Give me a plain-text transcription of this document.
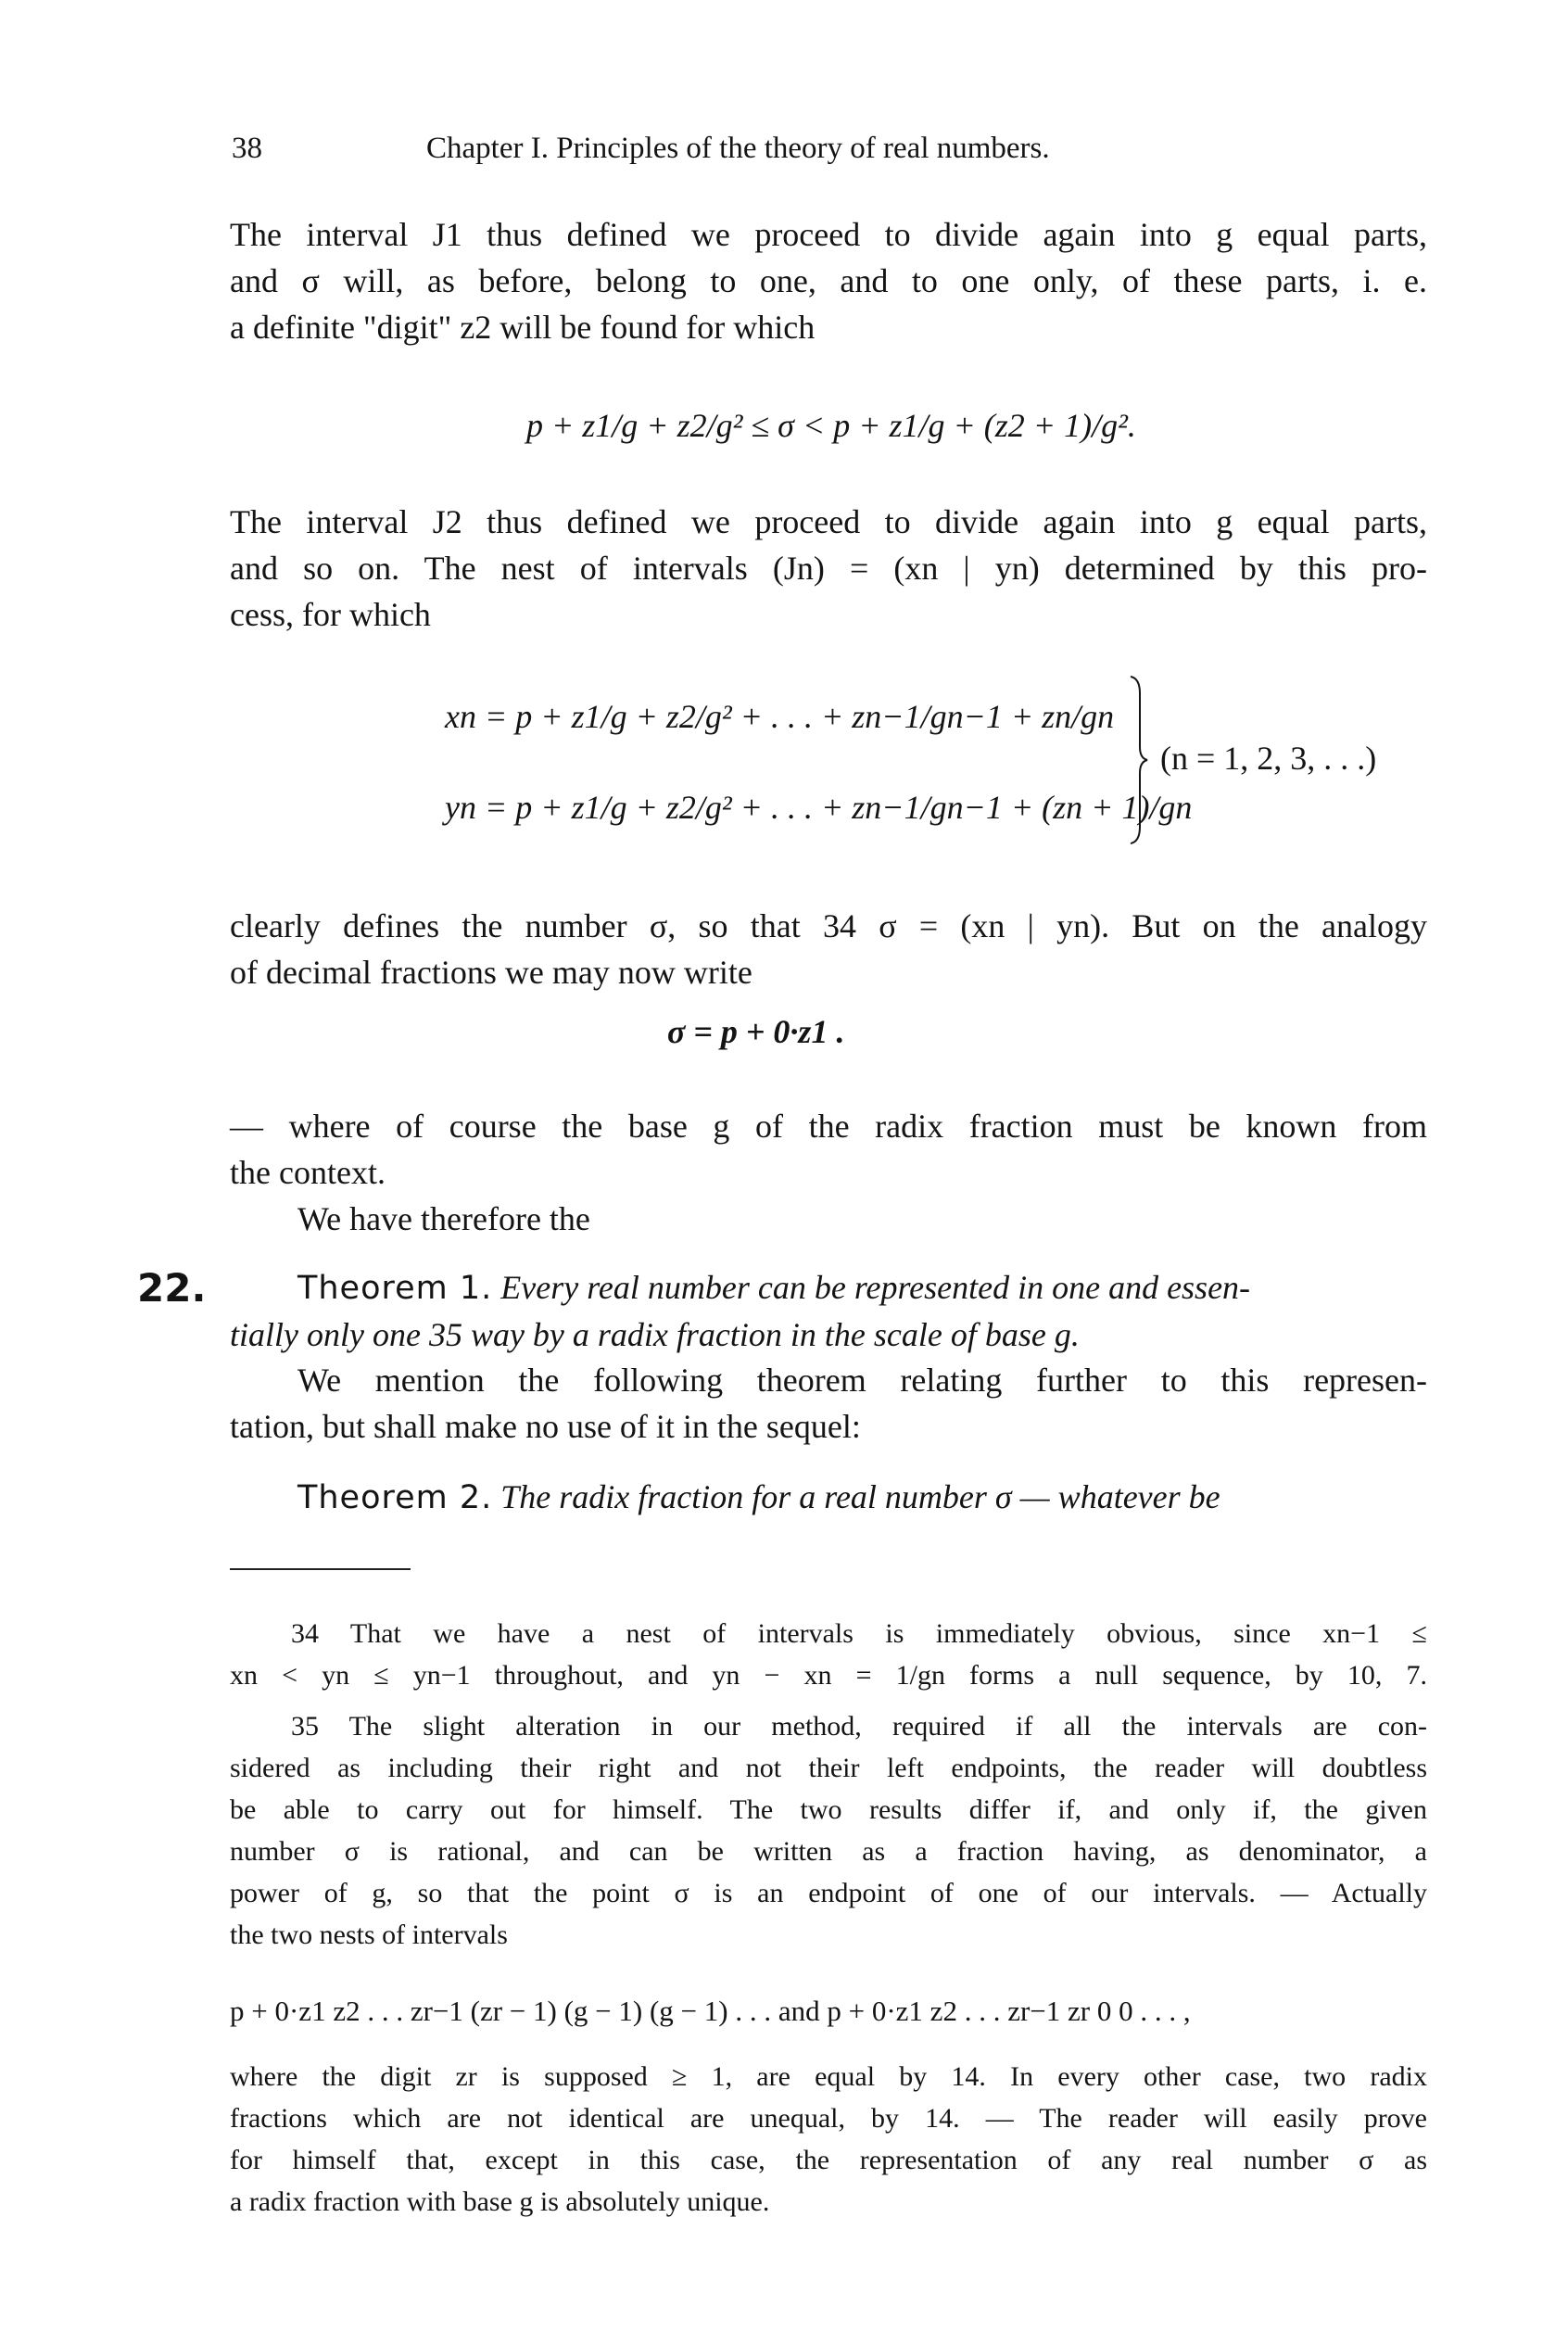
38	Chapter I. Principles of the theory of real numbers.
The interval J1 thus defined we proceed to divide again into g equal parts,
and σ will, as before, belong to one, and to one only, of these parts, i. e.
a definite "digit" z2 will be found for which
p + z1/g + z2/g² ≤ σ < p + z1/g + (z2 + 1)/g².
The interval J2 thus defined we proceed to divide again into g equal parts,
and so on. The nest of intervals (Jn) = (xn | yn) determined by this pro-
cess, for which
xn = p + z1/g + z2/g² + . . . + zn−1/gn−1 + zn/gn
yn = p + z1/g + z2/g² + . . . + zn−1/gn−1 + (zn + 1)/gn
(n = 1, 2, 3, . . .)
clearly defines the number σ, so that 34 σ = (xn | yn). But on the analogy
of decimal fractions we may now write
σ = p + 0·z1 .
— where of course the base g of the radix fraction must be known from
the context.
We have therefore the
22.	Theorem 1. Every real number can be represented in one and essen-
tially only one 35 way by a radix fraction in the scale of base g.
We mention the following theorem relating further to this represen-
tation, but shall make no use of it in the sequel:
Theorem 2. The radix fraction for a real number σ — whatever be
34 That we have a nest of intervals is immediately obvious, since xn−1 ≤
xn < yn ≤ yn−1 throughout, and yn − xn = 1/gn forms a null sequence, by 10, 7.
35 The slight alteration in our method, required if all the intervals are con-
sidered as including their right and not their left endpoints, the reader will doubtless
be able to carry out for himself. The two results differ if, and only if, the given
number σ is rational, and can be written as a fraction having, as denominator, a
power of g, so that the point σ is an endpoint of one of our intervals. — Actually
the two nests of intervals
p + 0·z1 z2 . . . zr−1 (zr − 1) (g − 1) (g − 1) . . . and p + 0·z1 z2 . . . zr−1 zr 0 0 . . . ,
where the digit zr is supposed ≥ 1, are equal by 14. In every other case, two radix
fractions which are not identical are unequal, by 14. — The reader will easily prove
for himself that, except in this case, the representation of any real number σ as
a radix fraction with base g is absolutely unique.
